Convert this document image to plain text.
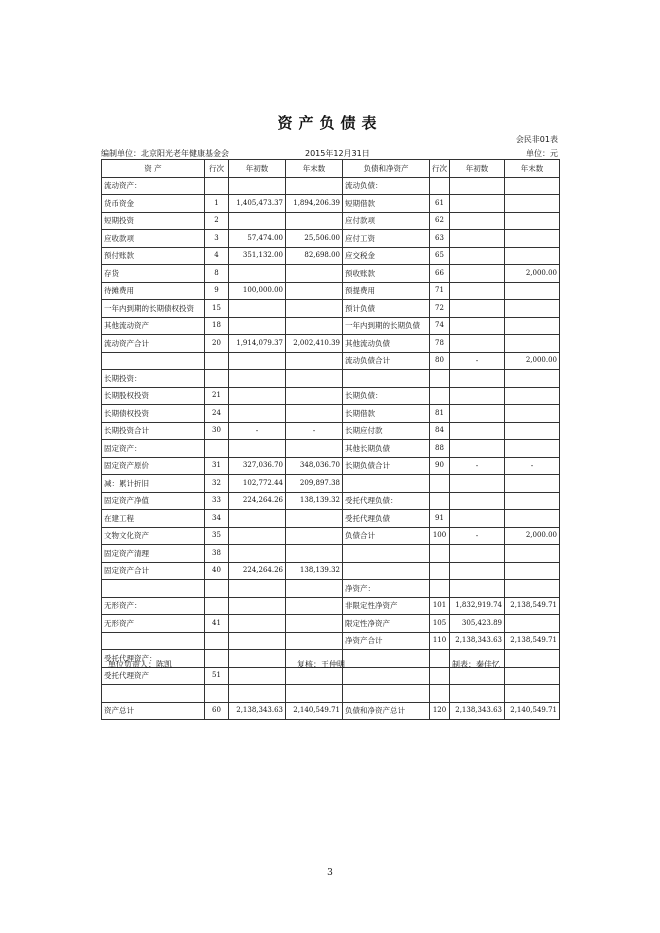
资产负债表
会民非01表
编制单位：北京阳光老年健康基金会	2015年12月31日	单位：元
资 产	行次	年初数	年末数	负债和净资产	行次	年初数	年末数
流动资产：				流动负债：			
货币资金	1	1,405,473.37	1,894,206.39	短期借款	61		
短期投资	2			应付款项	62		
应收款项	3	57,474.00	25,506.00	应付工资	63		
预付账款	4	351,132.00	82,698.00	应交税金	65		
存货	8			预收账款	66		2,000.00
待摊费用	9	100,000.00		预提费用	71		
一年内到期的长期债权投资	15			预计负债	72		
其他流动资产	18			一年内到期的长期负债	74		
流动资产合计	20	1,914,079.37	2,002,410.39	其他流动负债	78		
				流动负债合计	80	-	2,000.00
长期投资：							
长期股权投资	21			长期负债：			
长期债权投资	24			长期借款	81		
长期投资合计	30	-	-	长期应付款	84		
固定资产：				其他长期负债	88		
固定资产原价	31	327,036.70	348,036.70	长期负债合计	90	-	-
减：累计折旧	32	102,772.44	209,897.38				
固定资产净值	33	224,264.26	138,139.32	受托代理负债：			
在建工程	34			受托代理负债	91		
文物文化资产	35			负债合计	100	-	2,000.00
固定资产清理	38						
固定资产合计	40	224,264.26	138,139.32				
				净资产：			
无形资产：				非限定性净资产	101	1,832,919.74	2,138,549.71
无形资产	41			限定性净资产	105	305,423.89	
				净资产合计	110	2,138,343.63	2,138,549.71
受托代理资产：							
受托代理资产	51						

资产总计	60	2,138,343.63	2,140,549.71	负债和净资产总计	120	2,138,343.63	2,140,549.71
单位负责人：陈凯	复核：王仲明	制表：秦佳忆
3
